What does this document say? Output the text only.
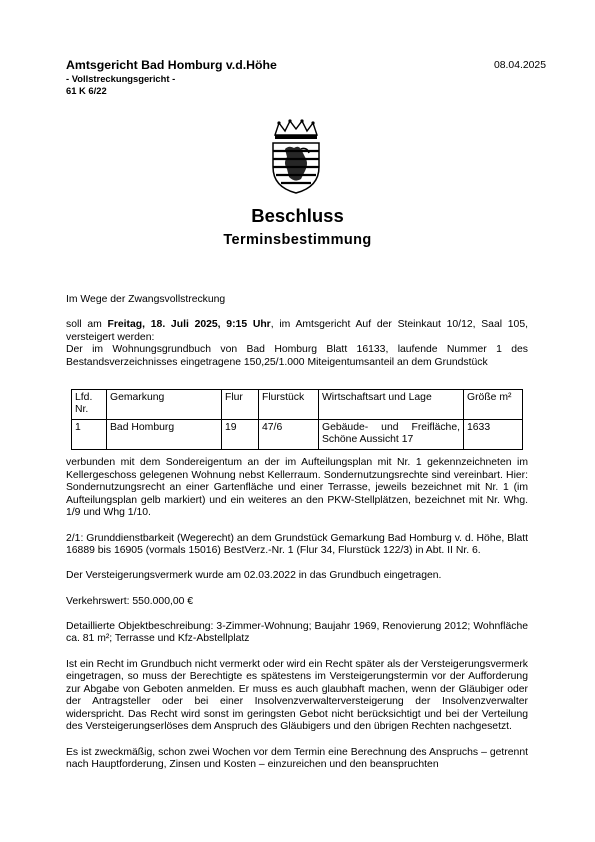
Amtsgericht Bad Homburg v.d.Höhe
- Vollstreckungsgericht -
61 K 6/22
08.04.2025
Beschluss
Terminsbestimmung

Im Wege der Zwangsvollstreckung

soll am Freitag, 18. Juli 2025, 9:15 Uhr, im Amtsgericht Auf der Steinkaut 10/12, Saal 105, versteigert werden:

Der im Wohnungsgrundbuch von Bad Homburg Blatt 16133, laufende Nummer 1 des Bestandsverzeichnisses eingetragene 150,25/1.000 Miteigentumsanteil an dem Grundstück

Lfd. Nr.	Gemarkung	Flur	Flurstück	Wirtschaftsart und Lage	Größe m²
1	Bad Homburg	19	47/6	Gebäude- und Freifläche, Schöne Aussicht 17	1633

verbunden mit dem Sondereigentum an der im Aufteilungsplan mit Nr. 1 gekennzeichneten im Kellergeschoss gelegenen Wohnung nebst Kellerraum. Sondernutzungsrechte sind vereinbart. Hier: Sondernutzungsrecht an einer Gartenfläche und einer Terrasse, jeweils bezeichnet mit Nr. 1 (im Aufteilungsplan gelb markiert) und ein weiteres an den PKW-Stellplätzen, bezeichnet mit Nr. Whg. 1/9 und Whg 1/10.

2/1: Grunddienstbarkeit (Wegerecht) an dem Grundstück Gemarkung Bad Homburg v. d. Höhe, Blatt 16889 bis 16905 (vormals 15016) BestVerz.-Nr. 1 (Flur 34, Flurstück 122/3) in Abt. II Nr. 6.

Der Versteigerungsvermerk wurde am 02.03.2022 in das Grundbuch eingetragen.

Verkehrswert: 550.000,00 €

Detaillierte Objektbeschreibung: 3-Zimmer-Wohnung; Baujahr 1969, Renovierung 2012; Wohnfläche ca. 81 m²; Terrasse und Kfz-Abstellplatz

Ist ein Recht im Grundbuch nicht vermerkt oder wird ein Recht später als der Versteigerungsvermerk eingetragen, so muss der Berechtigte es spätestens im Versteigerungstermin vor der Aufforderung zur Abgabe von Geboten anmelden. Er muss es auch glaubhaft machen, wenn der Gläubiger oder der Antragsteller oder bei einer Insolvenzverwalterversteigerung der Insolvenzverwalter widerspricht. Das Recht wird sonst im geringsten Gebot nicht berücksichtigt und bei der Verteilung des Versteigerungserlöses dem Anspruch des Gläubigers und den übrigen Rechten nachgesetzt.

Es ist zweckmäßig, schon zwei Wochen vor dem Termin eine Berechnung des Anspruchs – getrennt nach Hauptforderung, Zinsen und Kosten – einzureichen und den beanspruchten
